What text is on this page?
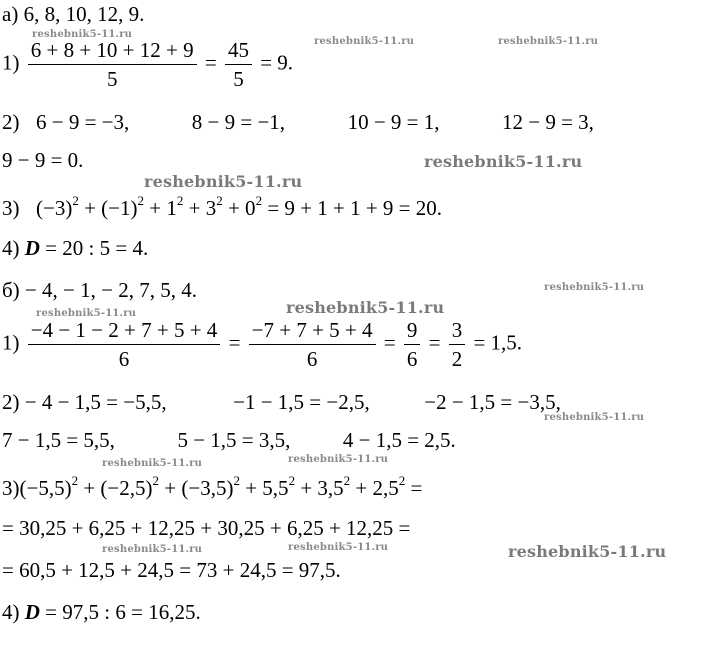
а) 6, 8, 10, 12, 9.
$1) \frac{6 + 8 + 10 + 12 + 9}{5} = \frac{45}{5} = 9$.
2) 6 − 9 = −3,	8 − 9 = −1,	10 − 9 = 1,	12 − 9 = 3,
9 − 9 = 0.
3) $(-3)^2 + (-1)^2 + 1^2 + 3^2 + 0^2 = 9 + 1 + 1 + 9 = 20$.
4) D = 20 : 5 = 4.
б) − 4, − 1, − 2, 7, 5, 4.
$1) \frac{-4 - 1 - 2 + 7 + 5 + 4}{6} = \frac{-7 + 7 + 5 + 4}{6} = \frac{9}{6} = \frac{3}{2} = 1,5$.
2) − 4 − 1,5 = −5,5,	−1 − 1,5 = −2,5,	−2 − 1,5 = −3,5,
7 − 1,5 = 5,5,	5 − 1,5 = 3,5,	4 − 1,5 = 2,5.
$3)(-5,5)^2 + (-2,5)^2 + (-3,5)^2 + 5,5^2 + 3,5^2 + 2,5^2$ =
= 30,25 + 6,25 + 12,25 + 30,25 + 6,25 + 12,25 =
= 60,5 + 12,5 + 24,5 = 73 + 24,5 = 97,5.
4) D = 97,5 : 6 = 16,25.
reshebnik5-11.ru
reshebnik5-11.ru	reshebnik5-11.ru
reshebnik5-11.ru
reshebnik5-11.ru
reshebnik5-11.ru
reshebnik5-11.ru
reshebnik5-11.ru
reshebnik5-11.ru
reshebnik5-11.ru	reshebnik5-11.ru
reshebnik5-11.ru	reshebnik5-11.ru	reshebnik5-11.ru
